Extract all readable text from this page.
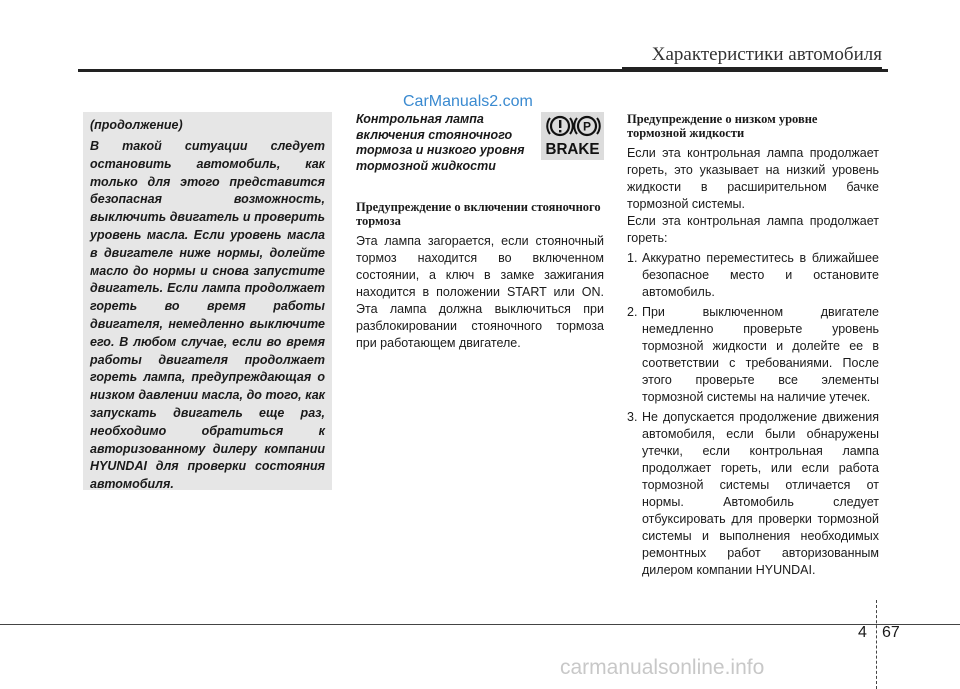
Характеристики автомобиля
CarManuals2.com
(продолжение)
В такой ситуации следует остановить автомобиль, как только для этого представится безопасная возможность, выключить двигатель и проверить уровень масла. Если уровень масла в двигателе ниже нормы, долейте масло до нормы и снова запустите двигатель. Если лампа продолжает гореть во время работы двигателя, немедленно выключите его. В любом случае, если во время работы двигателя продолжает гореть лампа, предупреждающая о низком давлении масла, до того, как запускать двигатель еще раз, необходимо обратиться к авторизованному дилеру компании HYUNDAI для проверки состояния автомобиля.
Контрольная лампа включения стояночного тормоза и низкого уровня тормозной жидкости
P
BRAKE
Предупреждение о включении стояночного тормоза
Эта лампа загорается, если стояночный тормоз находится во включенном состоянии, а ключ в замке зажигания находится в положении START или ON. Эта лампа должна выключиться при разблокировании стояночного тормоза при работающем двигателе.
Предупреждение о низком уровне тормозной жидкости
Если эта контрольная лампа продолжает гореть, это указывает на низкий уровень жидкости в расширительном бачке тормозной системы.
Если эта контрольная лампа продолжает гореть:
1. Аккуратно переместитесь в ближайшее безопасное место и остановите автомобиль.
2. При выключенном двигателе немедленно проверьте уровень тормозной жидкости и долейте ее в соответствии с требованиями. После этого проверьте все элементы тормозной системы на наличие утечек.
3. Не допускается продолжение движения автомобиля, если были обнаружены утечки, если контрольная лампа продолжает гореть, или если работа тормозной системы отличается от нормы. Автомобиль следует отбуксировать для проверки тормозной системы и выполнения необходимых ремонтных работ авторизованным дилером компании HYUNDAI.
4 67
carmanualsonline.info
